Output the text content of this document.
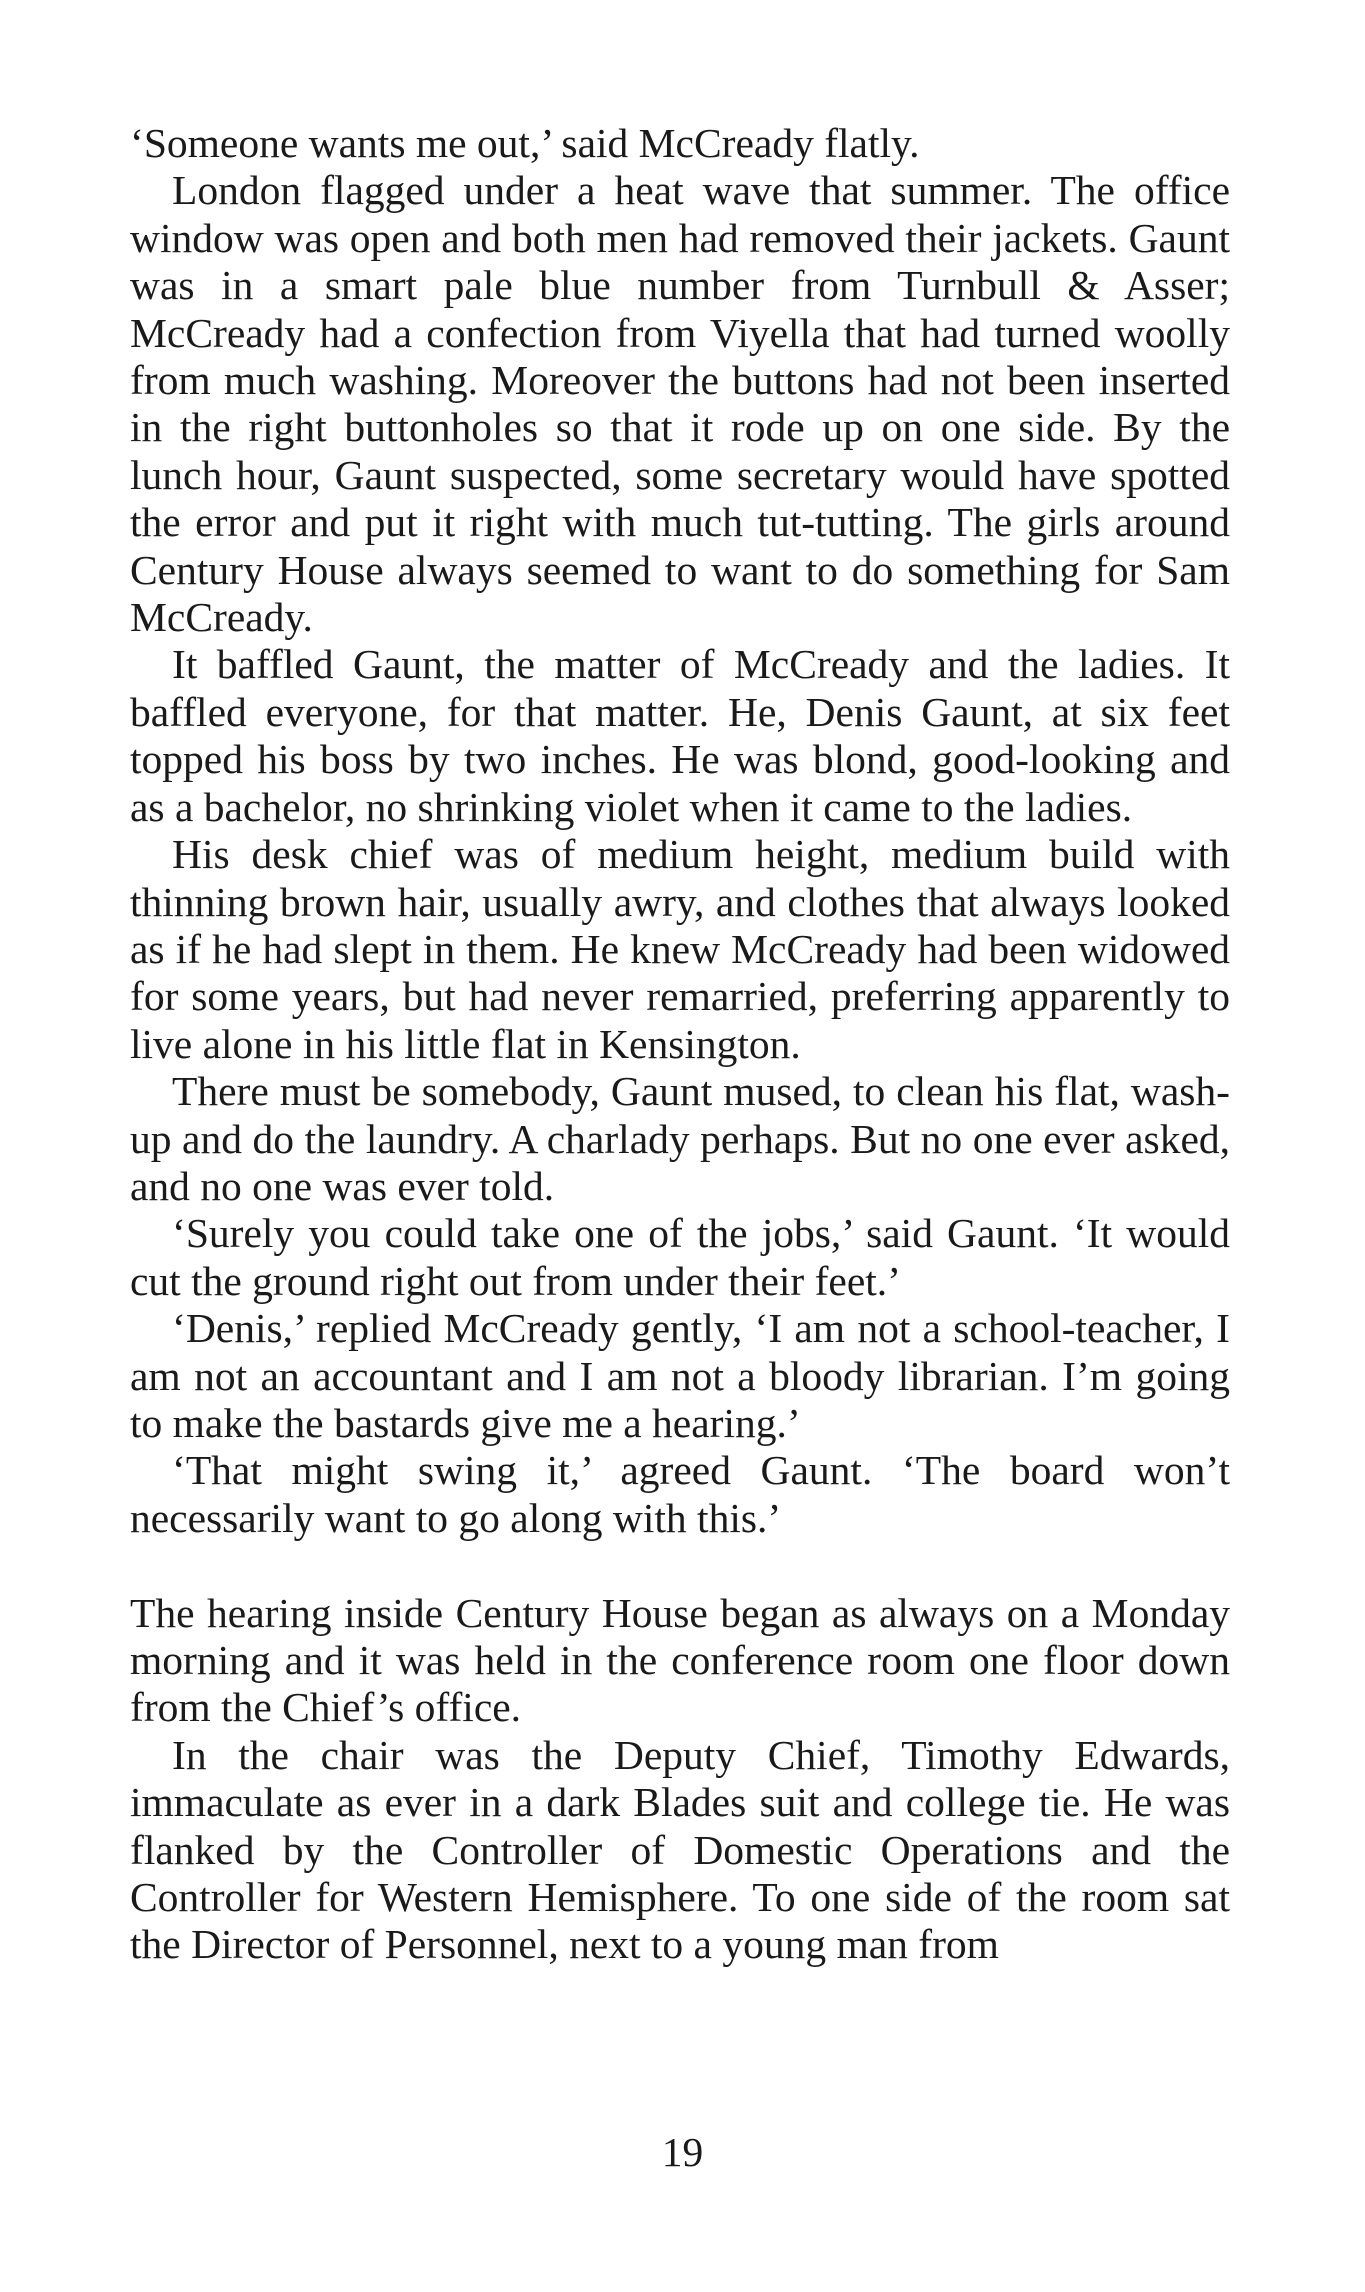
‘Someone wants me out,’ said McCready flatly.

London flagged under a heat wave that summer. The office window was open and both men had removed their jackets. Gaunt was in a smart pale blue number from Turnbull & Asser; McCready had a confection from Viyella that had turned woolly from much washing. Moreover the buttons had not been inserted in the right buttonholes so that it rode up on one side. By the lunch hour, Gaunt suspected, some secretary would have spotted the error and put it right with much tut-tutting. The girls around Century House always seemed to want to do something for Sam McCready.

It baffled Gaunt, the matter of McCready and the ladies. It baffled everyone, for that matter. He, Denis Gaunt, at six feet topped his boss by two inches. He was blond, good-looking and as a bachelor, no shrinking violet when it came to the ladies.

His desk chief was of medium height, medium build with thinning brown hair, usually awry, and clothes that always looked as if he had slept in them. He knew McCready had been widowed for some years, but had never remarried, preferring apparently to live alone in his little flat in Kensington.

There must be somebody, Gaunt mused, to clean his flat, wash-up and do the laundry. A charlady perhaps. But no one ever asked, and no one was ever told.

‘Surely you could take one of the jobs,’ said Gaunt. ‘It would cut the ground right out from under their feet.’

‘Denis,’ replied McCready gently, ‘I am not a school-teacher, I am not an accountant and I am not a bloody librarian. I’m going to make the bastards give me a hearing.’

‘That might swing it,’ agreed Gaunt. ‘The board won’t necessarily want to go along with this.’

The hearing inside Century House began as always on a Monday morning and it was held in the conference room one floor down from the Chief’s office.

In the chair was the Deputy Chief, Timothy Edwards, immaculate as ever in a dark Blades suit and college tie. He was flanked by the Controller of Domestic Operations and the Controller for Western Hemisphere. To one side of the room sat the Director of Personnel, next to a young man from

19
